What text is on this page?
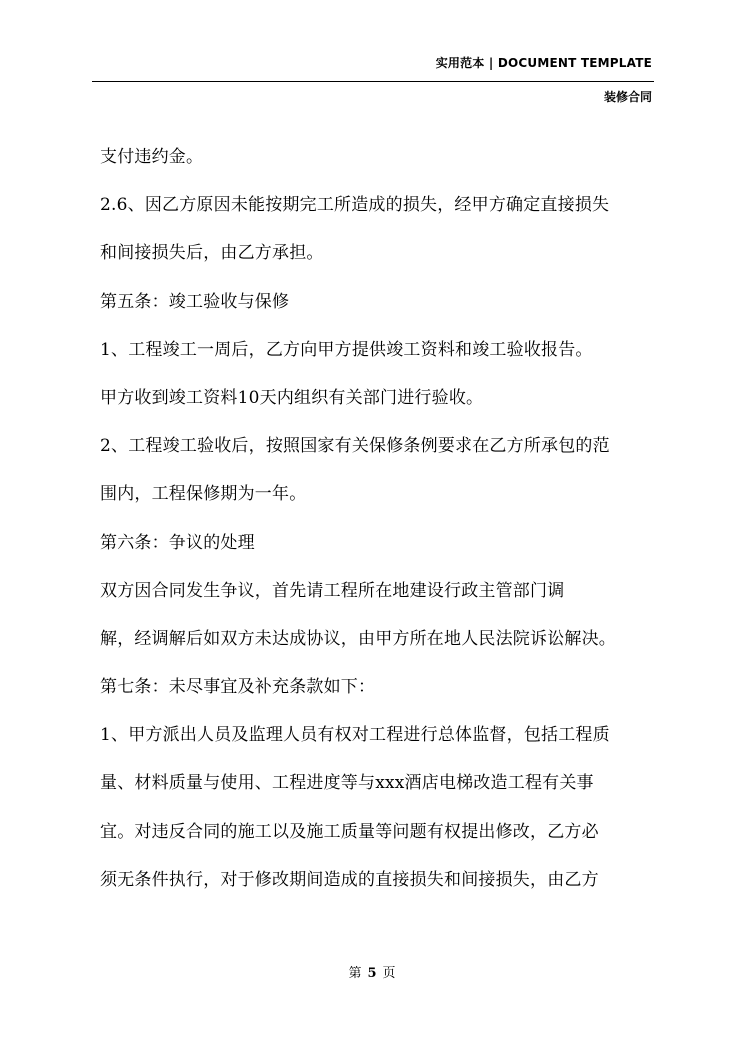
实用范本 | DOCUMENT TEMPLATE
装修合同

支付违约金。

2.6、因乙方原因未能按期完工所造成的损失，经甲方确定直接损失

和间接损失后，由乙方承担。

第五条：竣工验收与保修

1、工程竣工一周后，乙方向甲方提供竣工资料和竣工验收报告。

甲方收到竣工资料10天内组织有关部门进行验收。

2、工程竣工验收后，按照国家有关保修条例要求在乙方所承包的范

围内，工程保修期为一年。

第六条：争议的处理

双方因合同发生争议，首先请工程所在地建设行政主管部门调

解，经调解后如双方未达成协议，由甲方所在地人民法院诉讼解决。

第七条：未尽事宜及补充条款如下：

1、甲方派出人员及监理人员有权对工程进行总体监督，包括工程质

量、材料质量与使用、工程进度等与xxx酒店电梯改造工程有关事

宜。对违反合同的施工以及施工质量等问题有权提出修改，乙方必

须无条件执行，对于修改期间造成的直接损失和间接损失，由乙方

第 5 页
